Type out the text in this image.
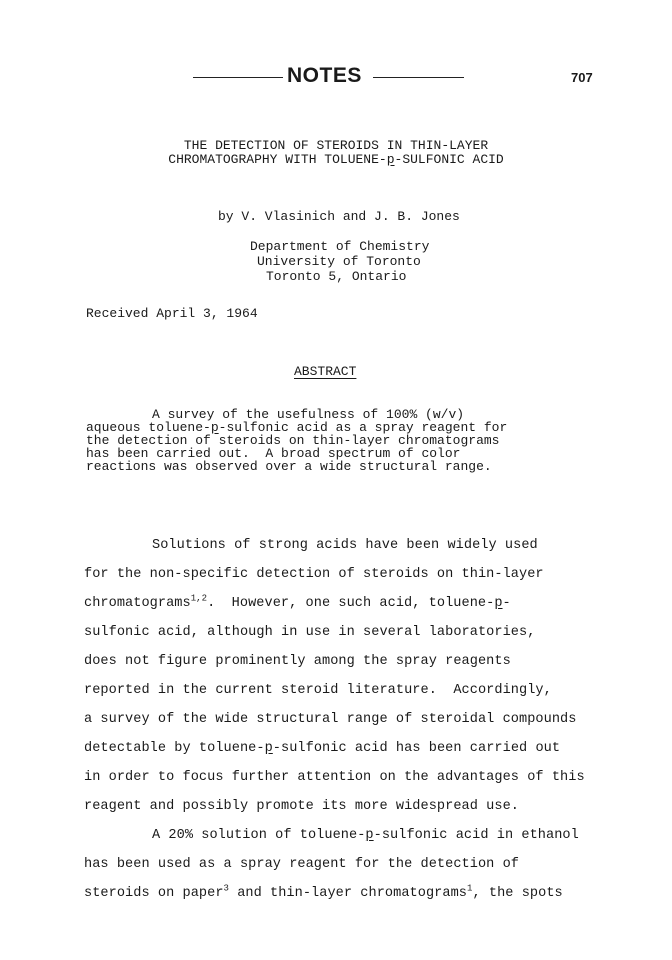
NOTES	707
THE DETECTION OF STEROIDS IN THIN-LAYER
CHROMATOGRAPHY WITH TOLUENE-p-SULFONIC ACID
by V. Vlasinich and J. B. Jones
Department of Chemistry
University of Toronto
Toronto 5, Ontario
Received April 3, 1964
ABSTRACT
A survey of the usefulness of 100% (w/v)
aqueous toluene-p-sulfonic acid as a spray reagent for
the detection of steroids on thin-layer chromatograms
has been carried out.  A broad spectrum of color
reactions was observed over a wide structural range.
Solutions of strong acids have been widely used
for the non-specific detection of steroids on thin-layer
chromatograms$^{1,2}$.  However, one such acid, toluene-p-
sulfonic acid, although in use in several laboratories,
does not figure prominently among the spray reagents
reported in the current steroid literature.  Accordingly,
a survey of the wide structural range of steroidal compounds
detectable by toluene-p-sulfonic acid has been carried out
in order to focus further attention on the advantages of this
reagent and possibly promote its more widespread use.
A 20% solution of toluene-p-sulfonic acid in ethanol
has been used as a spray reagent for the detection of
steroids on paper$^3$ and thin-layer chromatograms$^1$, the spots
